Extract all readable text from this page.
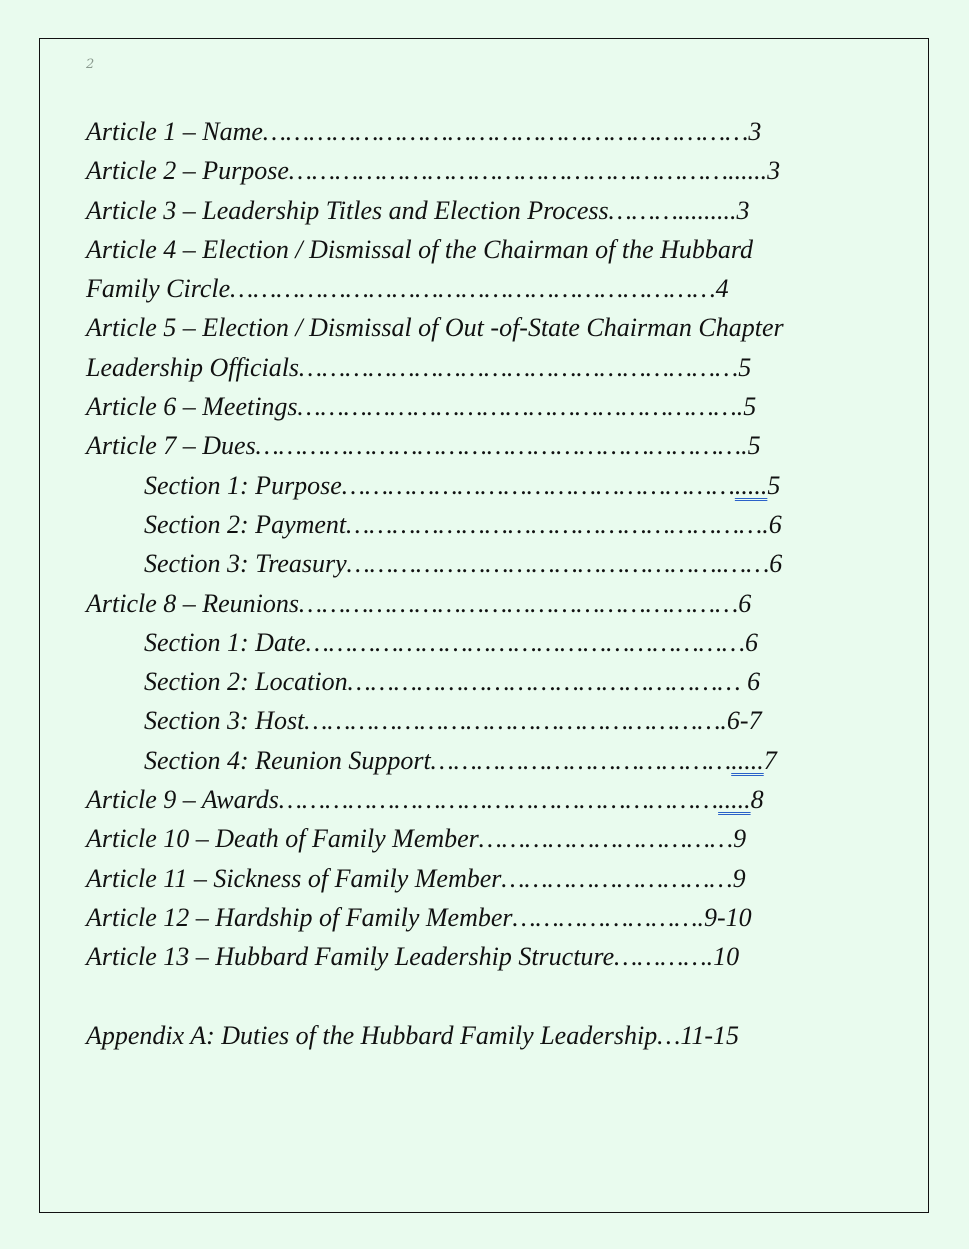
2
Article 1 – Name………………………………………………………3
Article 2 – Purpose…………………………………………………......3
Article 3 – Leadership Titles and Election Process……….........3
Article 4 – Election / Dismissal of the Chairman of the Hubbard
Family Circle………………………………………………………4
Article 5 – Election / Dismissal of Out -of-State Chairman Chapter
Leadership Officials…………………………………………………5
Article 6 – Meetings………………………………………………….5
Article 7 – Dues……………………………………………………….5
Section 1: Purpose…………………………………………….....5
Section 2: Payment……………………………………………….6
Section 3: Treasury………………………………………….……6
Article 8 – Reunions…………………………………………………6
Section 1: Date…………………………………………………6
Section 2: Location…………………………………………… 6
Section 3: Host……………………………………………….6-7
Section 4: Reunion Support………………………………….....7
Article 9 – Awards………………………………………………….....8
Article 10 – Death of Family Member……………………………9
Article 11 – Sickness of Family Member…………………………9
Article 12 – Hardship of Family Member…………………….9-10
Article 13 – Hubbard Family Leadership Structure………….10
Appendix A: Duties of the Hubbard Family Leadership…11-15
